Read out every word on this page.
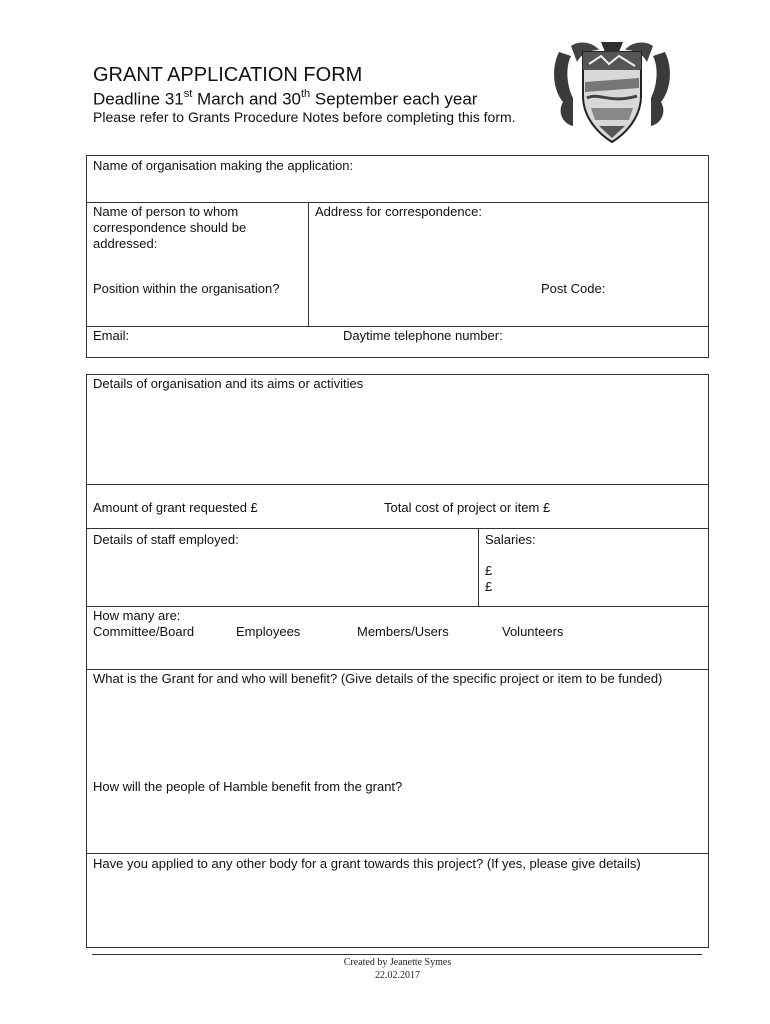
GRANT APPLICATION FORM
Deadline 31st March and 30th September each year
Please refer to Grants Procedure Notes before completing this form.
Name of organisation making the application:
Name of person to whom correspondence should be addressed:
Address for correspondence:
Position within the organisation?	Post Code:
Email:	Daytime telephone number:
Details of organisation and its aims or activities
Amount of grant requested £	Total cost of project or item £
Details of staff employed:	Salaries:
£
£
How many are:
Committee/Board	Employees	Members/Users	Volunteers
What is the Grant for and who will benefit? (Give details of the specific project or item to be funded)
How will the people of Hamble benefit from the grant?
Have you applied to any other body for a grant towards this project? (If yes, please give details)
Created by Jeanette Symes
22.02.2017
